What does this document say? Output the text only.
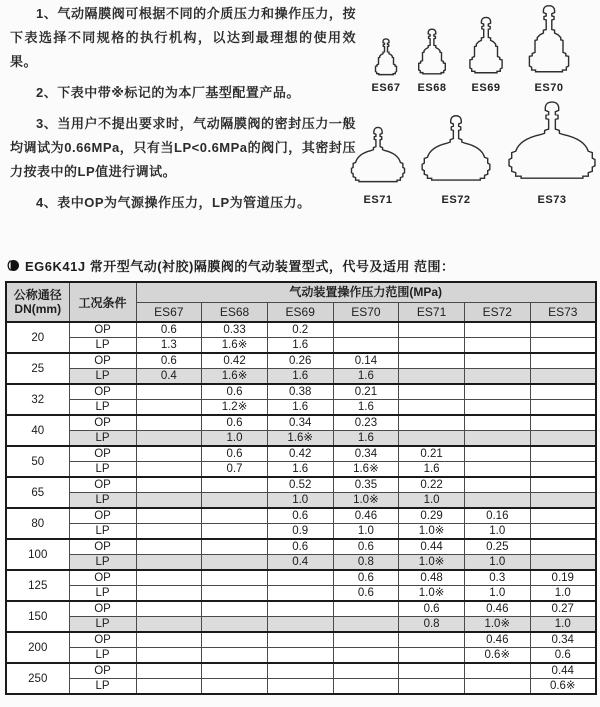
1、气动隔膜阀可根据不同的介质压力和操作压力，按下表选择不同规格的执行机构，以达到最理想的使用效果。

2、下表中带※标记的为本厂基型配置产品。

3、当用户不提出要求时，气动隔膜阀的密封压力一般均调试为0.66MPa，只有当LP<0.6MPa的阀门，其密封压力按表中的LP值进行调试。

4、表中OP为气源操作压力，LP为管道压力。

ES67 ES68 ES69	ES70
ES71	ES72	ES73
EG6K41J 常开型气动(衬胶)隔膜阀的气动装置型式，代号及适用 范围：
公称通径
DN(mm)	工况条件	气动装置操作压力范围(MPa)						
		ES67	ES68	ES69	ES70	ES71	ES72	ES73
20	OP	0.6	0.33	0.2				
	LP	1.3	1.6※	1.6				
25	OP	0.6	0.42	0.26	0.14			
	LP	0.4	1.6※	1.6	1.6			
32	OP		0.6	0.38	0.21			
	LP		1.2※	1.6	1.6			
40	OP		0.6	0.34	0.23			
	LP		1.0	1.6※	1.6			
50	OP		0.6	0.42	0.34	0.21		
	LP		0.7	1.6	1.6※	1.6		
65	OP			0.52	0.35	0.22		
	LP			1.0	1.0※	1.0		
80	OP			0.6	0.46	0.29	0.16	
	LP			0.9	1.0	1.0※	1.0	
100	OP			0.6	0.6	0.44	0.25	
	LP			0.4	0.8	1.0※	1.0	
125	OP				0.6	0.48	0.3	0.19
	LP				0.6	1.0※	1.0	1.0
150	OP					0.6	0.46	0.27
	LP					0.8	1.0※	1.0
200	OP						0.46	0.34
	LP						0.6※	0.6
250	OP							0.44
	LP							0.6※
